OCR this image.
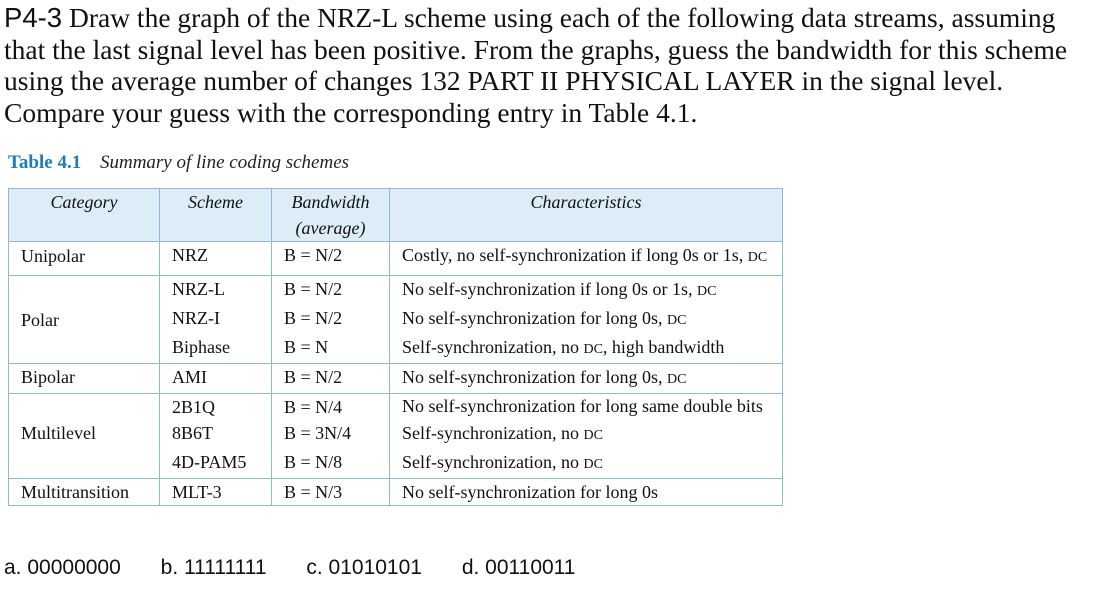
P4-3 Draw the graph of the NRZ-L scheme using each of the following data streams, assuming that the last signal level has been positive. From the graphs, guess the bandwidth for this scheme using the average number of changes 132 PART II PHYSICAL LAYER in the signal level. Compare your guess with the corresponding entry in Table 4.1.
Table 4.1 Summary of line coding schemes
Category	Scheme	Bandwidth (average)	Characteristics
Unipolar	NRZ	B = N/2	Costly, no self-synchronization if long 0s or 1s, DC
Polar	NRZ-L	B = N/2	No self-synchronization if long 0s or 1s, DC
	NRZ-I	B = N/2	No self-synchronization for long 0s, DC
	Biphase	B = N	Self-synchronization, no DC, high bandwidth
Bipolar	AMI	B = N/2	No self-synchronization for long 0s, DC
Multilevel	2B1Q	B = N/4	No self-synchronization for long same double bits
	8B6T	B = 3N/4	Self-synchronization, no DC
	4D-PAM5	B = N/8	Self-synchronization, no DC
Multitransition	MLT-3	B = N/3	No self-synchronization for long 0s
a. 00000000 b. 11111111 c. 01010101 d. 00110011
